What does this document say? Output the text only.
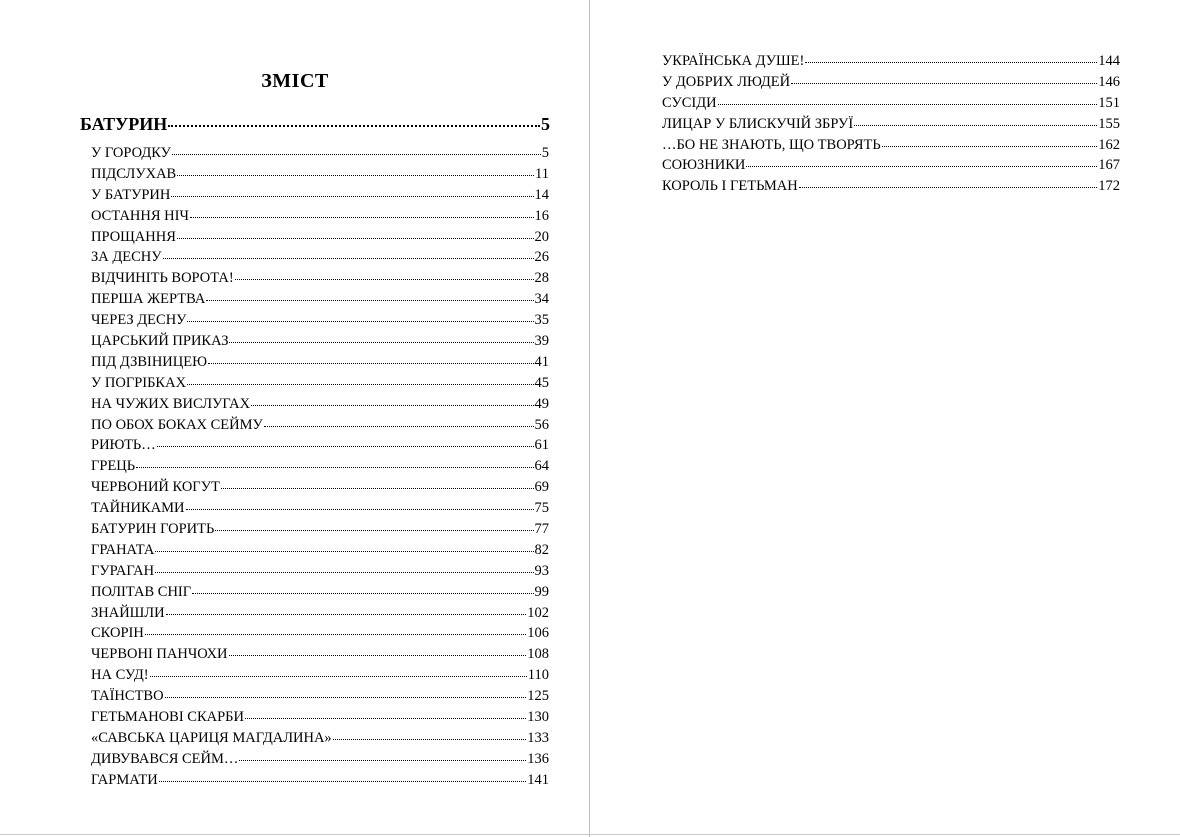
ЗМІСТ
БАТУРИН	5
У ГОРОДКУ	5
ПІДСЛУХАВ	11
У БАТУРИН	14
ОСТАННЯ НІЧ	16
ПРОЩАННЯ	20
ЗА ДЕСНУ	26
ВІДЧИНІТЬ ВОРОТА!	28
ПЕРША ЖЕРТВА	34
ЧЕРЕЗ ДЕСНУ	35
ЦАРСЬКИЙ ПРИКАЗ	39
ПІД ДЗВІНИЦЕЮ	41
У ПОГРІБКАХ	45
НА ЧУЖИХ ВИСЛУГАХ	49
ПО ОБОХ БОКАХ СЕЙМУ	56
РИЮТЬ…	61
ГРЕЦЬ	64
ЧЕРВОНИЙ КОГУТ	69
ТАЙНИКАМИ	75
БАТУРИН ГОРИТЬ	77
ГРАНАТА	82
ГУРАГАН	93
ПОЛІТАВ СНІГ	99
ЗНАЙШЛИ	102
СКОРІН	106
ЧЕРВОНІ ПАНЧОХИ	108
НА СУД!	110
ТАЇНСТВО	125
ГЕТЬМАНОВІ СКАРБИ	130
«САВСЬКА ЦАРИЦЯ МАГДАЛИНА»	133
ДИВУВАВСЯ СЕЙМ…	136
ГАРМАТИ	141
УКРАЇНСЬКА ДУШЕ!	144
У ДОБРИХ ЛЮДЕЙ	146
СУСІДИ	151
ЛИЦАР У БЛИСКУЧІЙ ЗБРУЇ	155
…БО НЕ ЗНАЮТЬ, ЩО ТВОРЯТЬ	162
СОЮЗНИКИ	167
КОРОЛЬ І ГЕТЬМАН	172
